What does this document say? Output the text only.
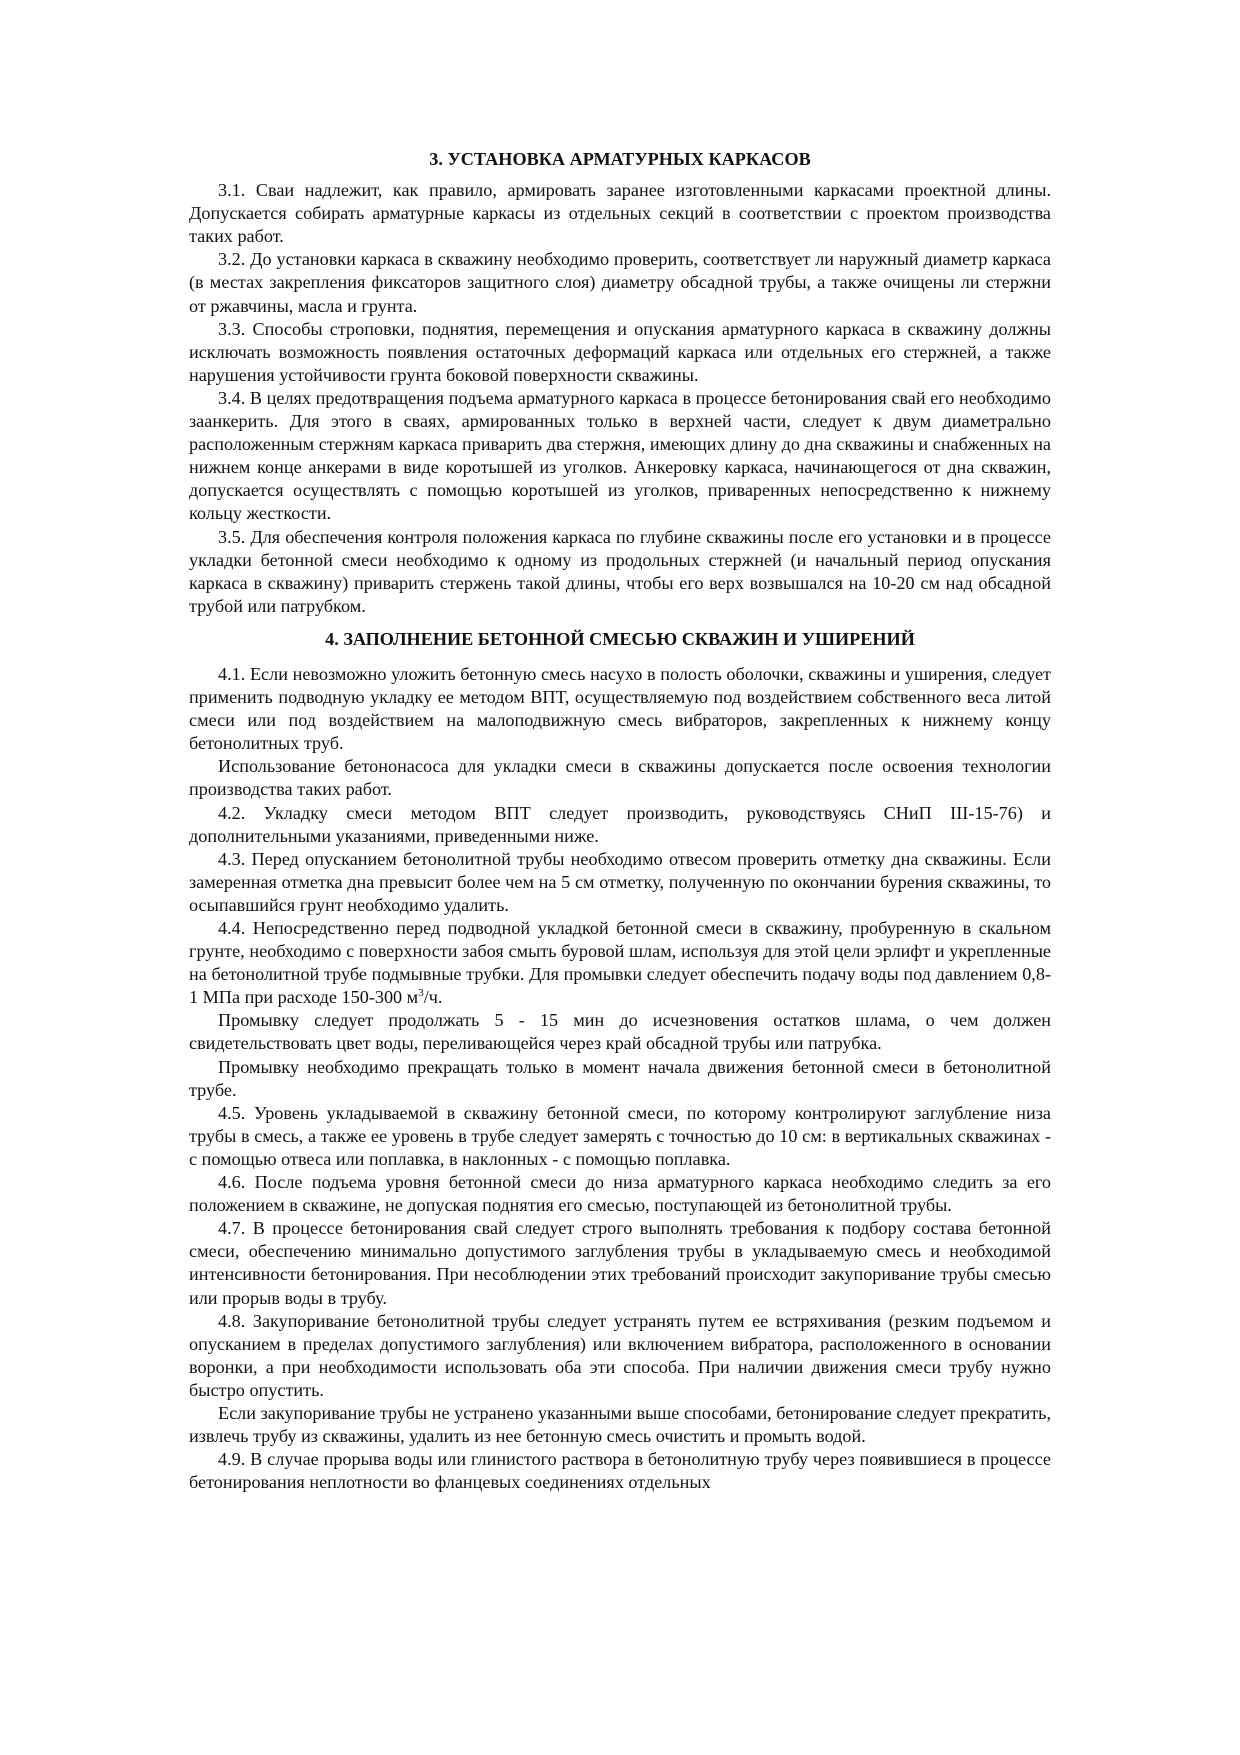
3. УСТАНОВКА АРМАТУРНЫХ КАРКАСОВ

3.1. Сваи надлежит, как правило, армировать заранее изготовленными каркасами проектной длины. Допускается собирать арматурные каркасы из отдельных секций в соответствии с проектом производства таких работ.

3.2. До установки каркаса в скважину необходимо проверить, соответствует ли наружный диаметр каркаса (в местах закрепления фиксаторов защитного слоя) диаметру обсадной трубы, а также очищены ли стержни от ржавчины, масла и грунта.

3.3. Способы строповки, поднятия, перемещения и опускания арматурного каркаса в скважину должны исключать возможность появления остаточных деформаций каркаса или отдельных его стержней, а также нарушения устойчивости грунта боковой поверхности скважины.

3.4. В целях предотвращения подъема арматурного каркаса в процессе бетонирования свай его необходимо заанкерить. Для этого в сваях, армированных только в верхней части, следует к двум диаметрально расположенным стержням каркаса приварить два стержня, имеющих длину до дна скважины и снабженных на нижнем конце анкерами в виде коротышей из уголков. Анкеровку каркаса, начинающегося от дна скважин, допускается осуществлять с помощью коротышей из уголков, приваренных непосредственно к нижнему кольцу жесткости.

3.5. Для обеспечения контроля положения каркаса по глубине скважины после его установки и в процессе укладки бетонной смеси необходимо к одному из продольных стержней (и начальный период опускания каркаса в скважину) приварить стержень такой длины, чтобы его верх возвышался на 10-20 см над обсадной трубой или патрубком.

4. ЗАПОЛНЕНИЕ БЕТОННОЙ СМЕСЬЮ СКВАЖИН И УШИРЕНИЙ

4.1. Если невозможно уложить бетонную смесь насухо в полость оболочки, скважины и уширения, следует применить подводную укладку ее методом ВПТ, осуществляемую под воздействием собственного веса литой смеси или под воздействием на малоподвижную смесь вибраторов, закрепленных к нижнему концу бетонолитных труб.

Использование бетононасоса для укладки смеси в скважины допускается после освоения технологии производства таких работ.

4.2. Укладку смеси методом ВПТ следует производить, руководствуясь СНиП III-15-76) и дополнительными указаниями, приведенными ниже.

4.3. Перед опусканием бетонолитной трубы необходимо отвесом проверить отметку дна скважины. Если замеренная отметка дна превысит более чем на 5 см отметку, полученную по окончании бурения скважины, то осыпавшийся грунт необходимо удалить.

4.4. Непосредственно перед подводной укладкой бетонной смеси в скважину, пробуренную в скальном грунте, необходимо с поверхности забоя смыть буровой шлам, используя для этой цели эрлифт и укрепленные на бетонолитной трубе подмывные трубки. Для промывки следует обеспечить подачу воды под давлением 0,8-1 МПа при расходе 150-300 $м^3/ч$.

Промывку следует продолжать 5 - 15 мин до исчезновения остатков шлама, о чем должен свидетельствовать цвет воды, переливающейся через край обсадной трубы или патрубка.

Промывку необходимо прекращать только в момент начала движения бетонной смеси в бетонолитной трубе.

4.5. Уровень укладываемой в скважину бетонной смеси, по которому контролируют заглубление низа трубы в смесь, а также ее уровень в трубе следует замерять с точностью до 10 см: в вертикальных скважинах - с помощью отвеса или поплавка, в наклонных - с помощью поплавка.

4.6. После подъема уровня бетонной смеси до низа арматурного каркаса необходимо следить за его положением в скважине, не допуская поднятия его смесью, поступающей из бетонолитной трубы.

4.7. В процессе бетонирования свай следует строго выполнять требования к подбору состава бетонной смеси, обеспечению минимально допустимого заглубления трубы в укладываемую смесь и необходимой интенсивности бетонирования. При несоблюдении этих требований происходит закупоривание трубы смесью или прорыв воды в трубу.

4.8. Закупоривание бетонолитной трубы следует устранять путем ее встряхивания (резким подъемом и опусканием в пределах допустимого заглубления) или включением вибратора, расположенного в основании воронки, а при необходимости использовать оба эти способа. При наличии движения смеси трубу нужно быстро опустить.

Если закупоривание трубы не устранено указанными выше способами, бетонирование следует прекратить, извлечь трубу из скважины, удалить из нее бетонную смесь очистить и промыть водой.

4.9. В случае прорыва воды или глинистого раствора в бетонолитную трубу через появившиеся в процессе бетонирования неплотности во фланцевых соединениях отдельных
